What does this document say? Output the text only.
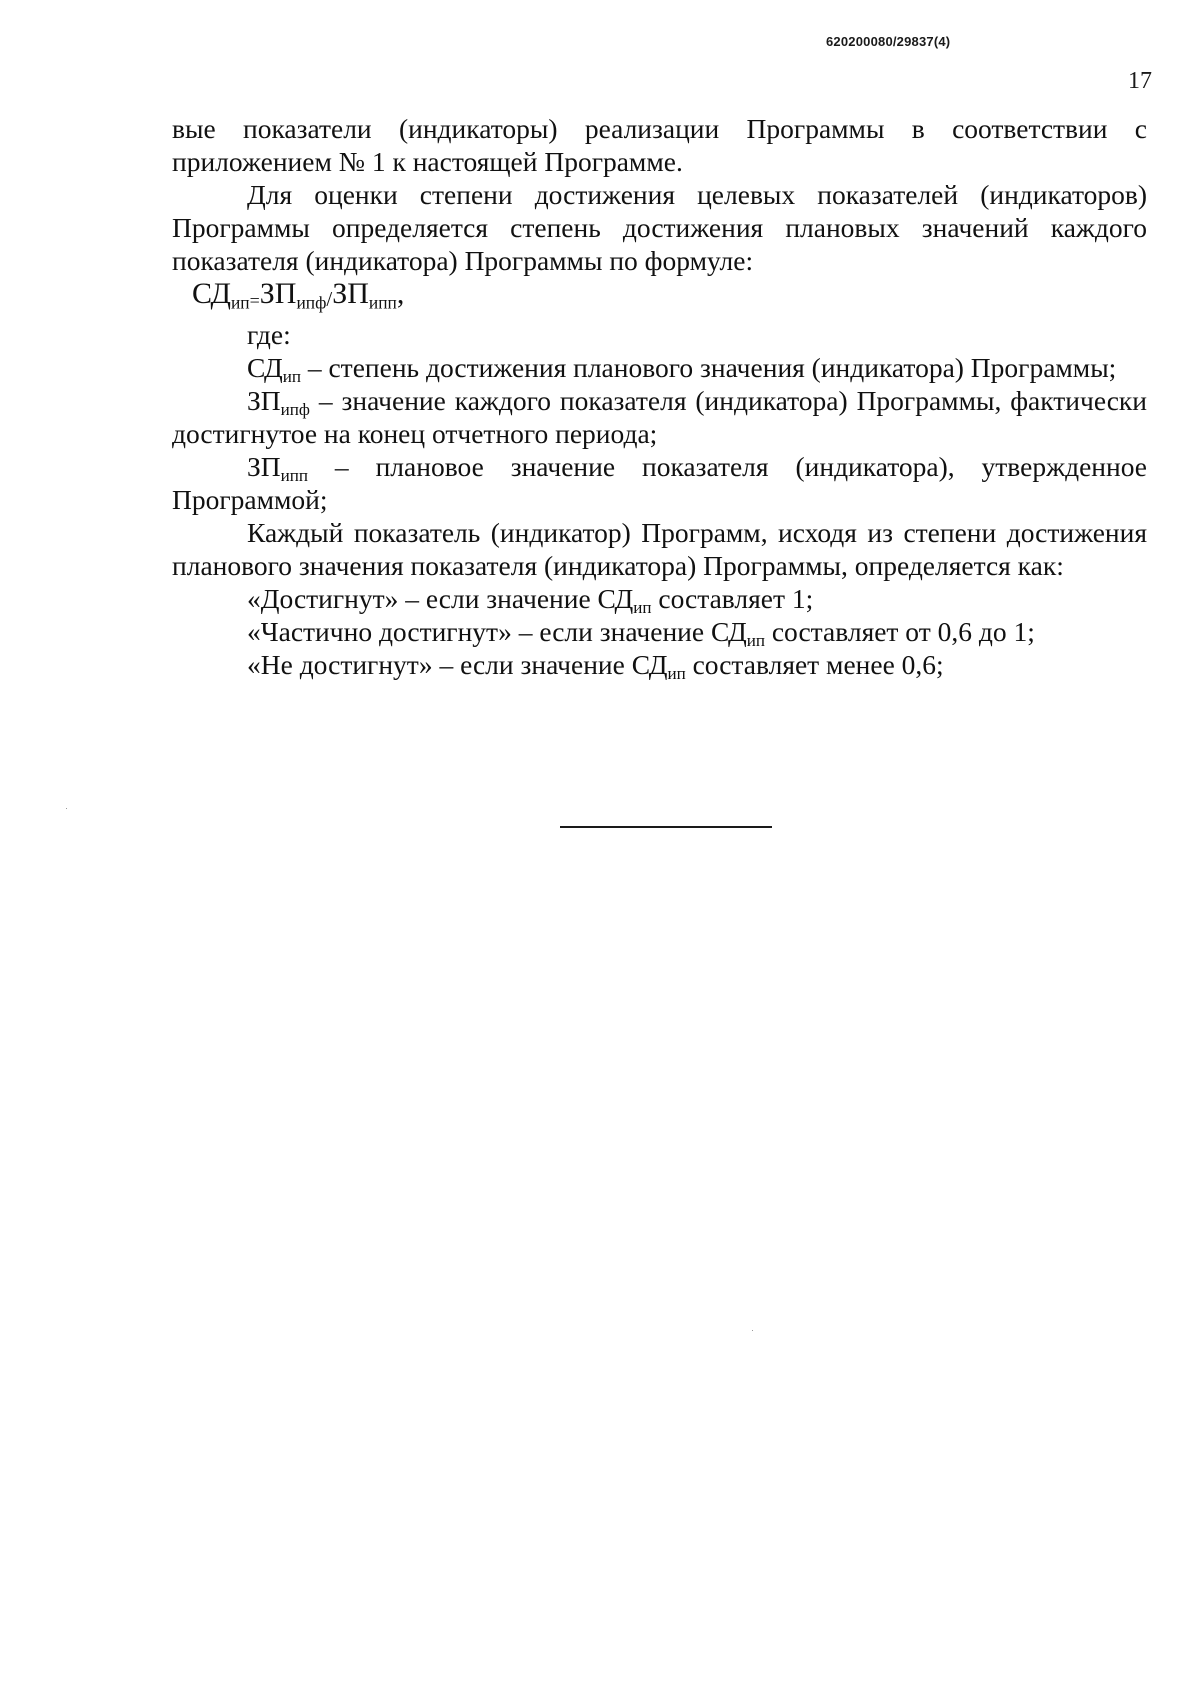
620200080/29837(4)
17

вые показатели (индикаторы) реализации Программы в соответствии с приложением № 1 к настоящей Программе.

Для оценки степени достижения целевых показателей (индикаторов) Программы определяется степень достижения плановых значений каждого показателя (индикатора) Программы по формуле:

$СД_{ип}=ЗП_{ипф}/ЗП_{ипп}$,

где:

$СД_{ип}$ – степень достижения планового значения (индикатора) Программы;

$ЗП_{ипф}$ – значение каждого показателя (индикатора) Программы, фактически достигнутое на конец отчетного периода;

$ЗП_{ипп}$ – плановое значение показателя (индикатора), утвержденное Программой;

Каждый показатель (индикатор) Программ, исходя из степени достижения планового значения показателя (индикатора) Программы, определяется как:

«Достигнут» – если значение $СД_{ип}$ составляет 1;

«Частично достигнут» – если значение $СД_{ип}$ составляет от 0,6 до 1;

«Не достигнут» – если значение $СД_{ип}$ составляет менее 0,6;
